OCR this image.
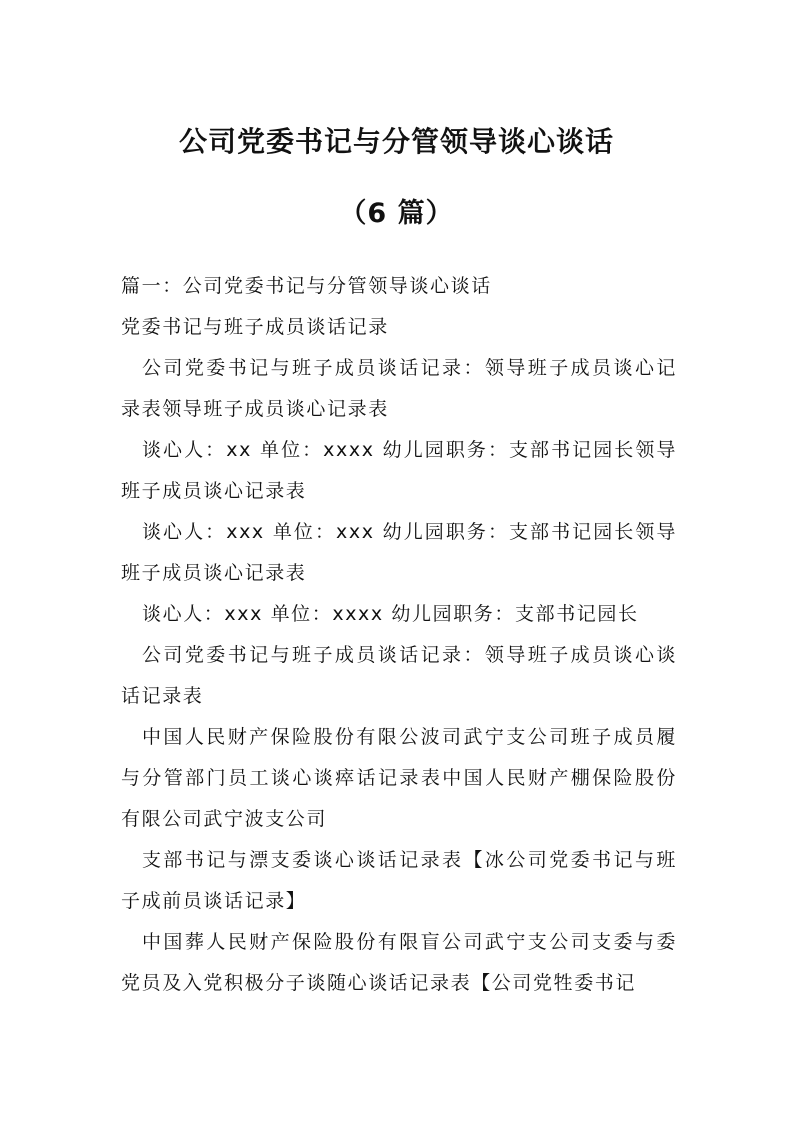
公司党委书记与分管领导谈心谈话
（6 篇）

篇一：公司党委书记与分管领导谈心谈话

党委书记与班子成员谈话记录

公司党委书记与班子成员谈话记录：领导班子成员谈心记录表领导班子成员谈心记录表

谈心人：xx 单位：xxxx 幼儿园职务：支部书记园长领导班子成员谈心记录表

谈心人：xxx 单位：xxx 幼儿园职务：支部书记园长领导班子成员谈心记录表

谈心人：xxx 单位：xxxx 幼儿园职务：支部书记园长

公司党委书记与班子成员谈话记录：领导班子成员谈心谈话记录表

中国人民财产保险股份有限公波司武宁支公司班子成员履与分管部门员工谈心谈瘁话记录表中国人民财产棚保险股份有限公司武宁波支公司

支部书记与漂支委谈心谈话记录表【冰公司党委书记与班子成前员谈话记录】

中国葬人民财产保险股份有限盲公司武宁支公司支委与委党员及入党积极分子谈随心谈话记录表【公司党牲委书记
